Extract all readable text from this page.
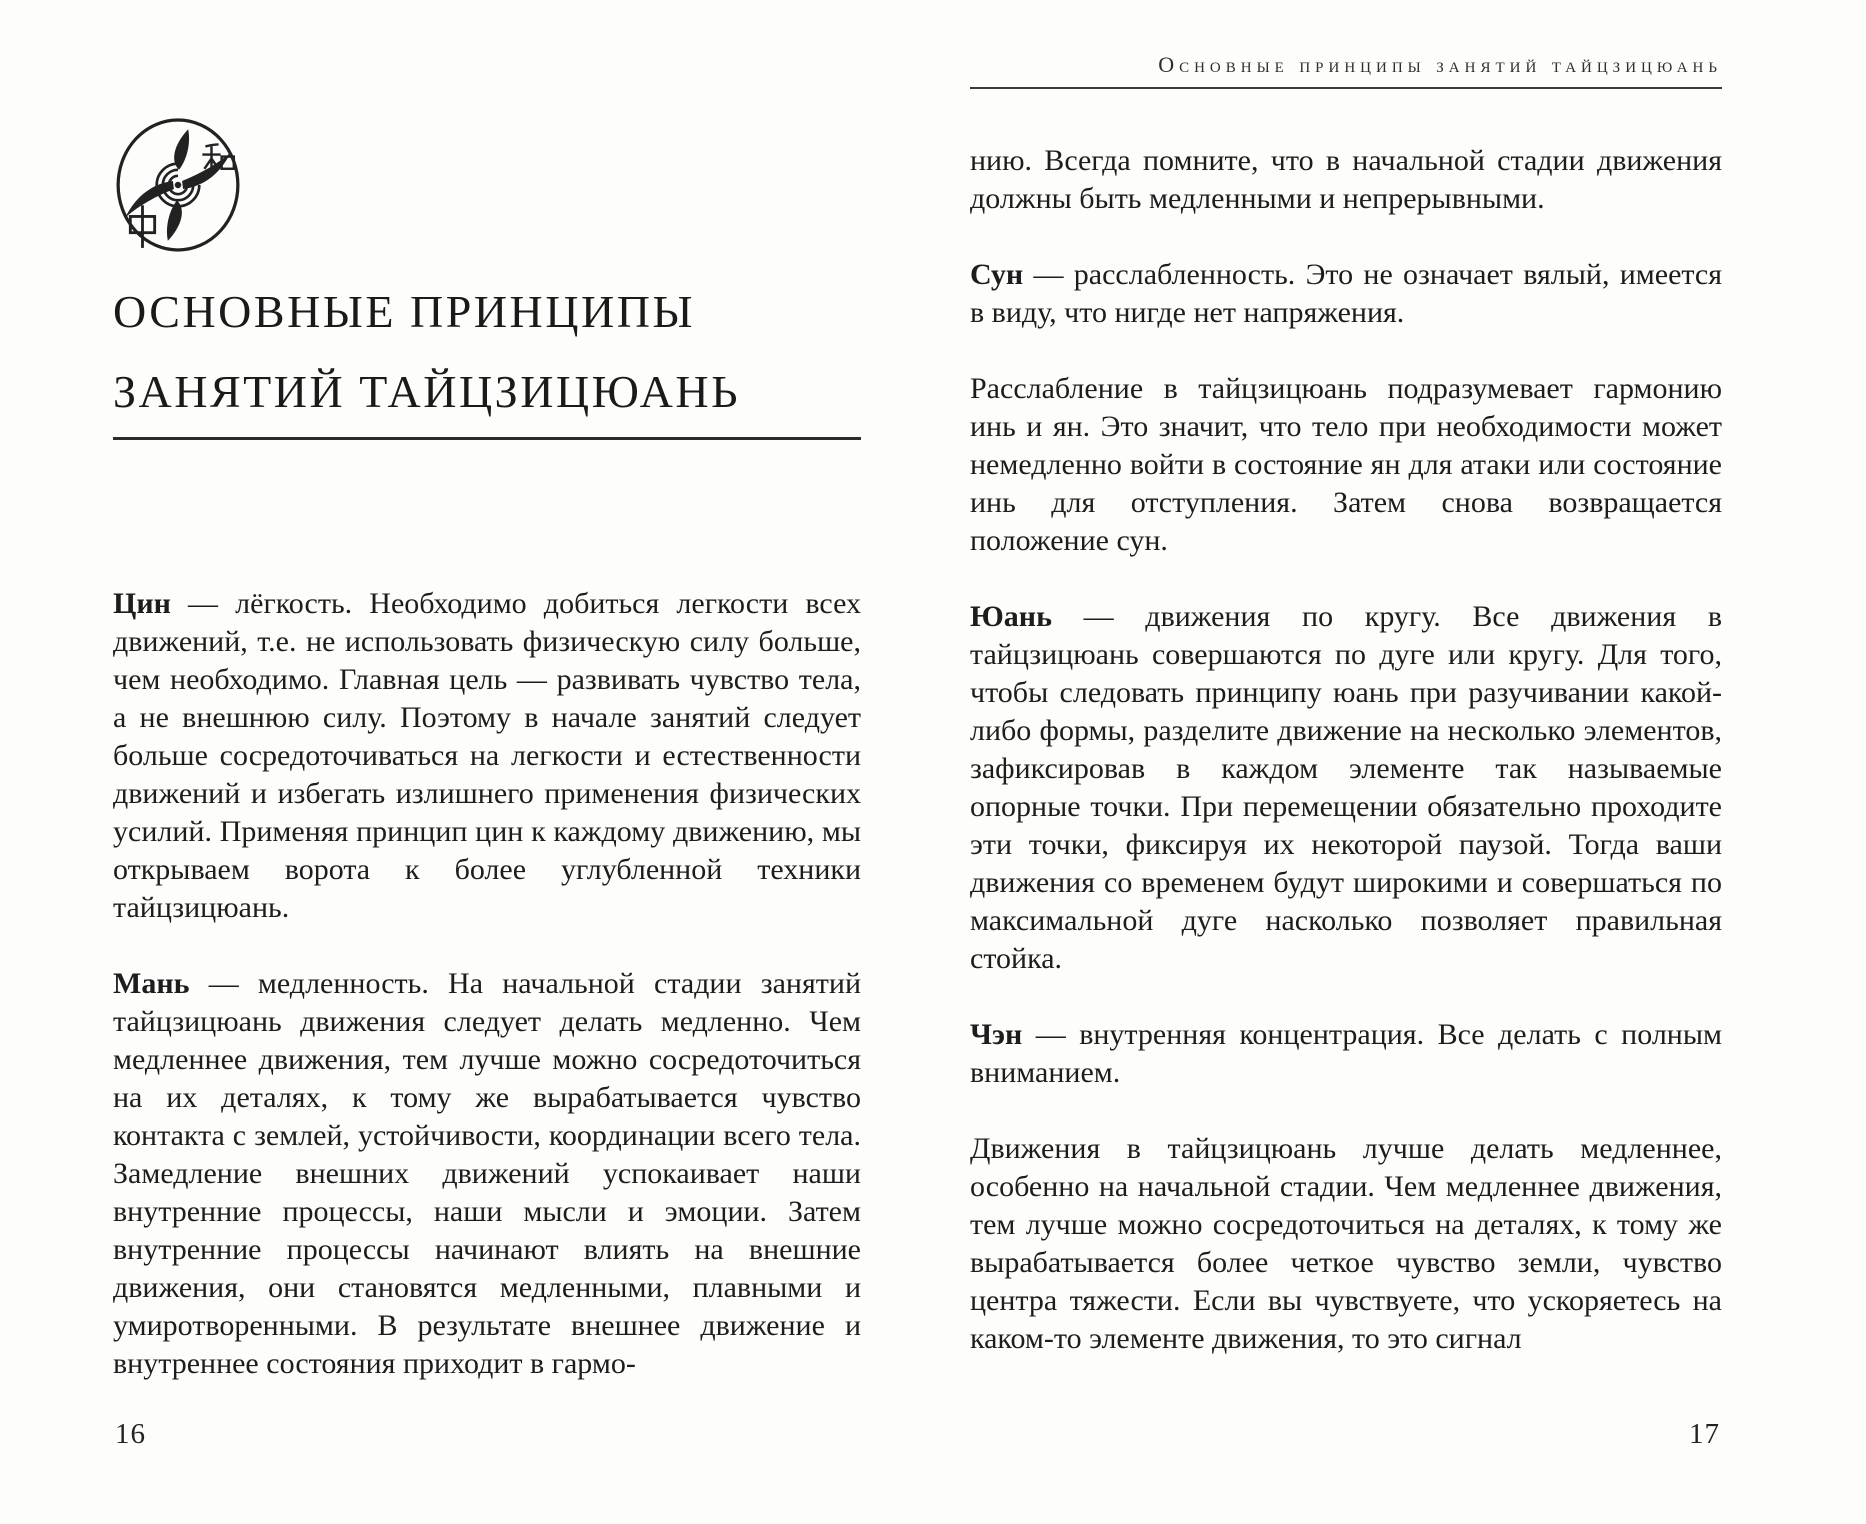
ОСНОВНЫЕ ПРИНЦИПЫ
ЗАНЯТИЙ ТАЙЦЗИЦЮАНЬ

Цин — лёгкость. Необходимо добиться легкости всех движений, т.е. не использовать физическую силу больше, чем необходимо. Главная цель — развивать чувство тела, а не внешнюю силу. Поэтому в начале занятий следует больше сосредоточиваться на легкости и естественности движений и избегать излишнего применения физических усилий. Применяя принцип цин к каждому движению, мы открываем ворота к более углубленной техники тайцзицюань.

Мань — медленность. На начальной стадии занятий тайцзицюань движения следует делать медленно. Чем медленнее движения, тем лучше можно сосредоточиться на их деталях, к тому же вырабатывается чувство контакта с землей, устойчивости, координации всего тела. Замедление внешних движений успокаивает наши внутренние процессы, наши мысли и эмоции. Затем внутренние процессы начинают влиять на внешние движения, они становятся медленными, плавными и умиротворенными. В результате внешнее движение и внутреннее состояния приходит в гармо-

16
Основные принципы занятий тайцзицюань

нию. Всегда помните, что в начальной стадии движения должны быть медленными и непрерывными.

Сун — расслабленность. Это не означает вялый, имеется в виду, что нигде нет напряжения.

Расслабление в тайцзицюань подразумевает гармонию инь и ян. Это значит, что тело при необходимости может немедленно войти в состояние ян для атаки или состояние инь для отступления. Затем снова возвращается положение сун.

Юань — движения по кругу. Все движения в тайцзицюань совершаются по дуге или кругу. Для того, чтобы следовать принципу юань при разучивании какой-либо формы, разделите движение на несколько элементов, зафиксировав в каждом элементе так называемые опорные точки. При перемещении обязательно проходите эти точки, фиксируя их некоторой паузой. Тогда ваши движения со временем будут широкими и совершаться по максимальной дуге насколько позволяет правильная стойка.

Чэн — внутренняя концентрация. Все делать с полным вниманием.

Движения в тайцзицюань лучше делать медленнее, особенно на начальной стадии. Чем медленнее движения, тем лучше можно сосредоточиться на деталях, к тому же вырабатывается более четкое чувство земли, чувство центра тяжести. Если вы чувствуете, что ускоряетесь на каком-то элементе движения, то это сигнал

17
